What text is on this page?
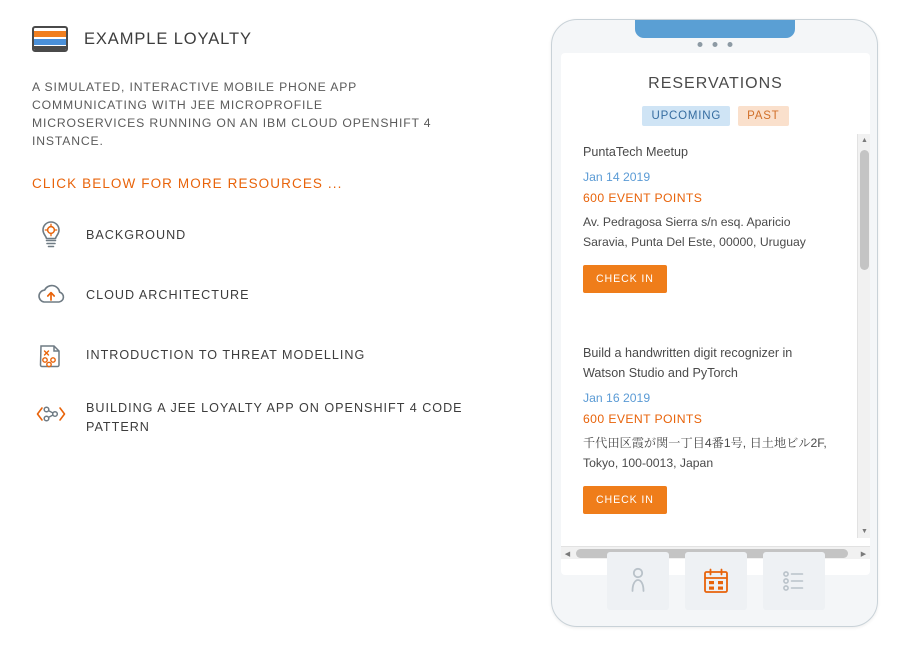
EXAMPLE LOYALTY
A SIMULATED, INTERACTIVE MOBILE PHONE APP COMMUNICATING WITH JEE MICROPROFILE MICROSERVICES RUNNING ON AN IBM CLOUD OPENSHIFT 4 INSTANCE.
CLICK BELOW FOR MORE RESOURCES ...
BACKGROUND
CLOUD ARCHITECTURE
INTRODUCTION TO THREAT MODELLING
BUILDING A JEE LOYALTY APP ON OPENSHIFT 4 CODE PATTERN
RESERVATIONS
UPCOMING	PAST
PuntaTech Meetup
Jan 14 2019
600 EVENT POINTS
Av. Pedragosa Sierra s/n esq. Aparicio Saravia, Punta Del Este, 00000, Uruguay
CHECK IN
Build a handwritten digit recognizer in Watson Studio and PyTorch
Jan 16 2019
600 EVENT POINTS
千代田区霞が関一丁目4番1号, 日土地ビル2F, Tokyo, 100-0013, Japan
CHECK IN
▲
▼
◀	▶
